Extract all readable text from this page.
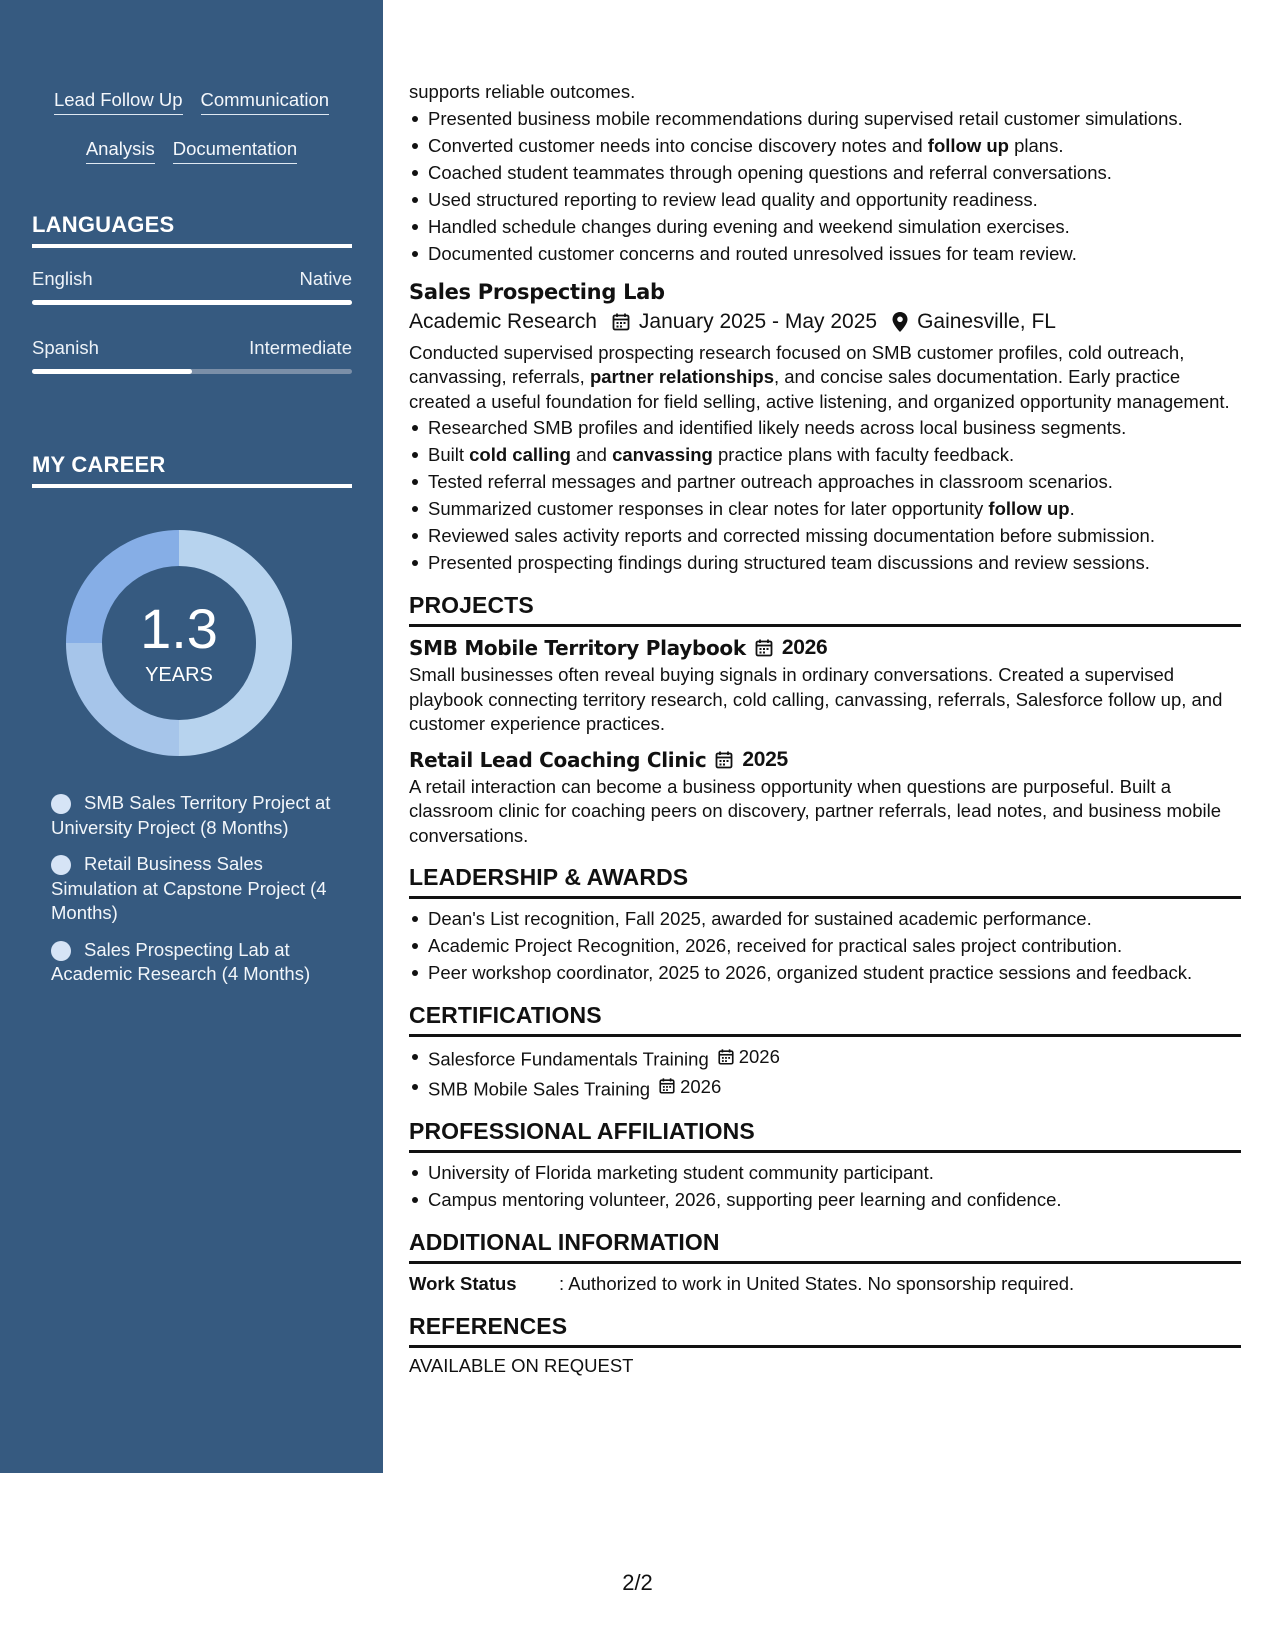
Lead Follow Up Communication
Analysis Documentation
LANGUAGES
English	Native
Spanish	Intermediate
MY CAREER
1.3
YEARS
SMB Sales Territory Project at University Project (8 Months)
Retail Business Sales Simulation at Capstone Project (4 Months)
Sales Prospecting Lab at Academic Research (4 Months)
supports reliable outcomes.
Presented business mobile recommendations during supervised retail customer simulations.
Converted customer needs into concise discovery notes and follow up plans.
Coached student teammates through opening questions and referral conversations.
Used structured reporting to review lead quality and opportunity readiness.
Handled schedule changes during evening and weekend simulation exercises.
Documented customer concerns and routed unresolved issues for team review.
Sales Prospecting Lab
Academic Research January 2025 - May 2025 Gainesville, FL
Conducted supervised prospecting research focused on SMB customer profiles, cold outreach, canvassing, referrals, partner relationships, and concise sales documentation. Early practice created a useful foundation for field selling, active listening, and organized opportunity management.
Researched SMB profiles and identified likely needs across local business segments.
Built cold calling and canvassing practice plans with faculty feedback.
Tested referral messages and partner outreach approaches in classroom scenarios.
Summarized customer responses in clear notes for later opportunity follow up.
Reviewed sales activity reports and corrected missing documentation before submission.
Presented prospecting findings during structured team discussions and review sessions.
PROJECTS
SMB Mobile Territory Playbook 2026
Small businesses often reveal buying signals in ordinary conversations. Created a supervised playbook connecting territory research, cold calling, canvassing, referrals, Salesforce follow up, and customer experience practices.
Retail Lead Coaching Clinic 2025
A retail interaction can become a business opportunity when questions are purposeful. Built a classroom clinic for coaching peers on discovery, partner referrals, lead notes, and business mobile conversations.
LEADERSHIP & AWARDS
Dean's List recognition, Fall 2025, awarded for sustained academic performance.
Academic Project Recognition, 2026, received for practical sales project contribution.
Peer workshop coordinator, 2025 to 2026, organized student practice sessions and feedback.
CERTIFICATIONS
Salesforce Fundamentals Training 2026
SMB Mobile Sales Training 2026
PROFESSIONAL AFFILIATIONS
University of Florida marketing student community participant.
Campus mentoring volunteer, 2026, supporting peer learning and confidence.
ADDITIONAL INFORMATION
Work Status	: Authorized to work in United States. No sponsorship required.
REFERENCES
AVAILABLE ON REQUEST
2/2
